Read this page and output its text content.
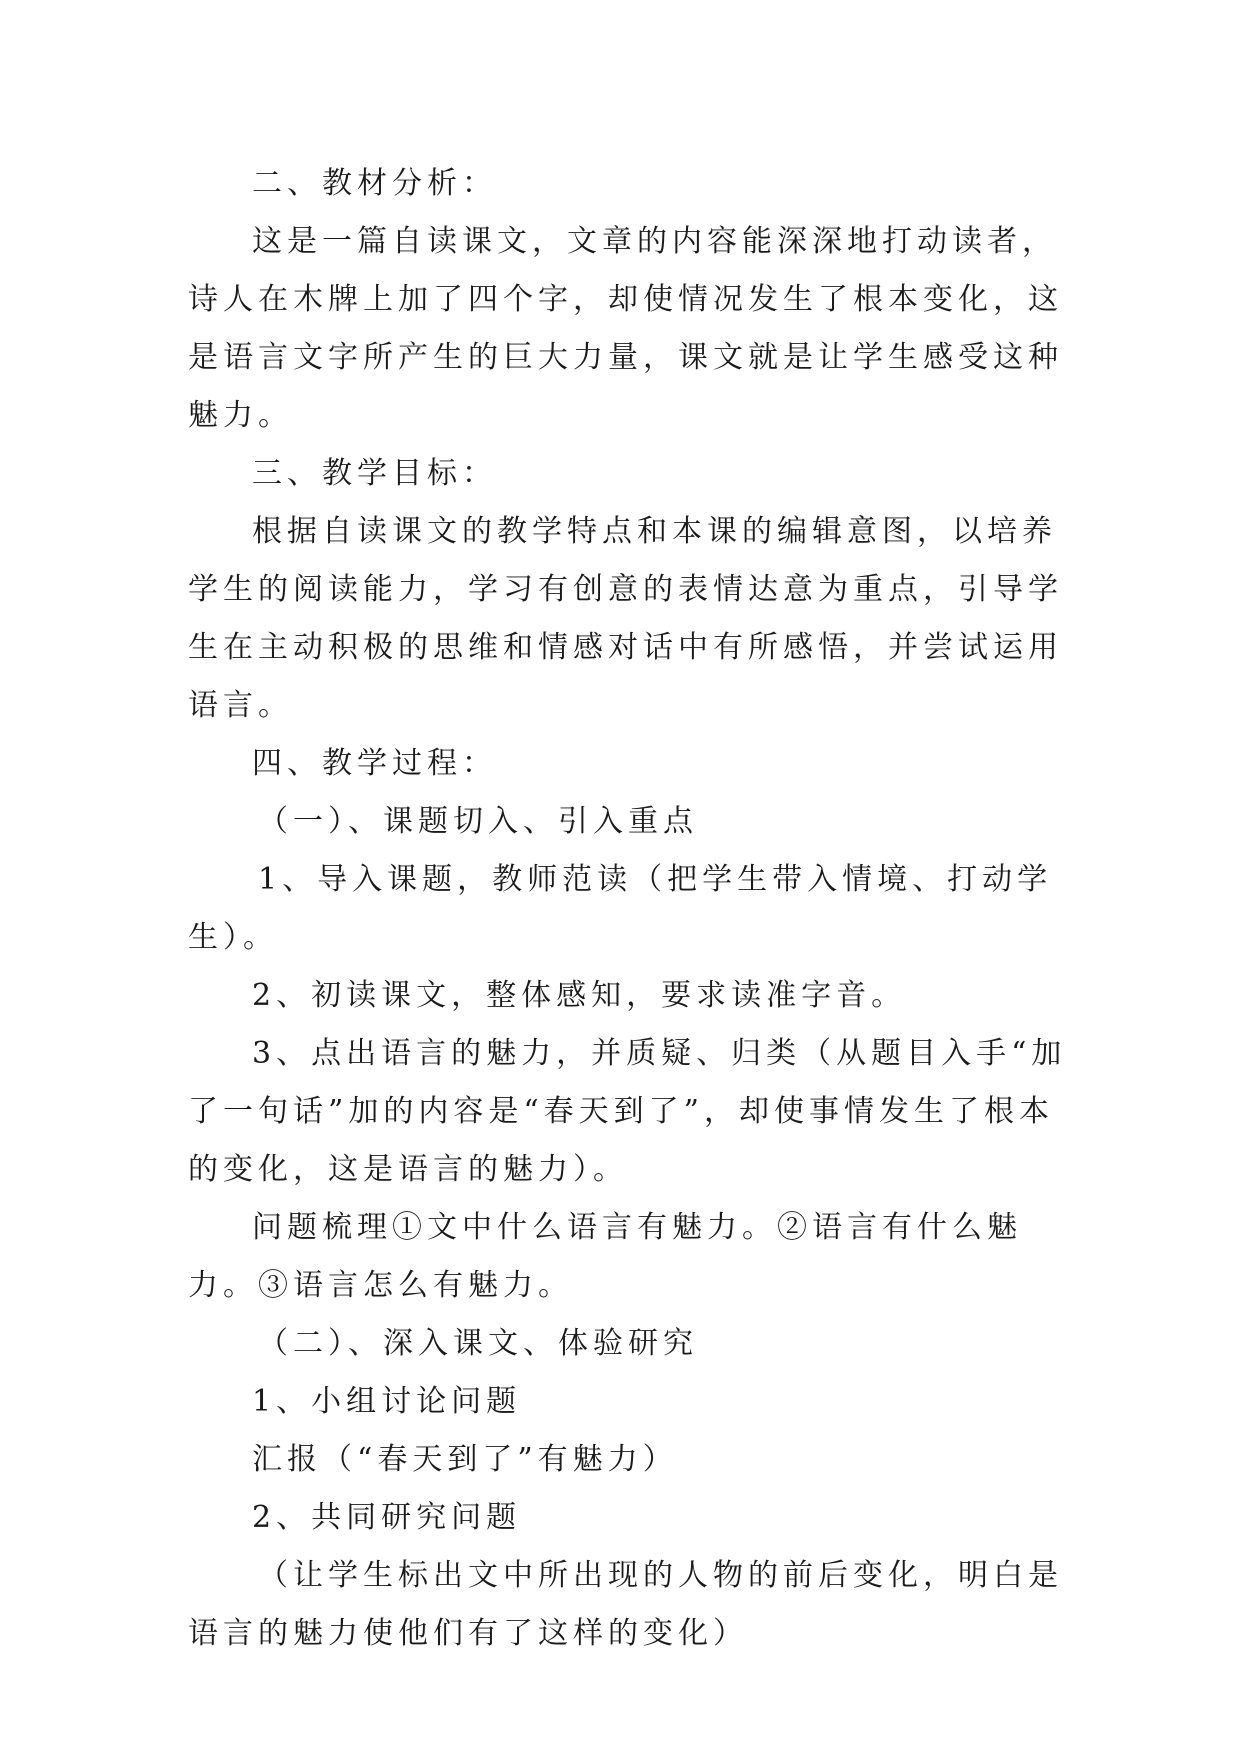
二、教材分析：

这是一篇自读课文，文章的内容能深深地打动读者，诗人在木牌上加了四个字，却使情况发生了根本变化，这是语言文字所产生的巨大力量，课文就是让学生感受这种魅力。

三、教学目标：

根据自读课文的教学特点和本课的编辑意图，以培养学生的阅读能力，学习有创意的表情达意为重点，引导学生在主动积极的思维和情感对话中有所感悟，并尝试运用语言。

四、教学过程：

（一）、课题切入、引入重点

1、导入课题，教师范读（把学生带入情境、打动学生）。

2、初读课文，整体感知，要求读准字音。

3、点出语言的魅力，并质疑、归类（从题目入手“加了一句话”加的内容是“春天到了”，却使事情发生了根本的变化，这是语言的魅力）。

问题梳理①文中什么语言有魅力。②语言有什么魅力。③语言怎么有魅力。

（二）、深入课文、体验研究

1、小组讨论问题

汇报（“春天到了”有魅力）

2、共同研究问题

（让学生标出文中所出现的人物的前后变化，明白是语言的魅力使他们有了这样的变化）
